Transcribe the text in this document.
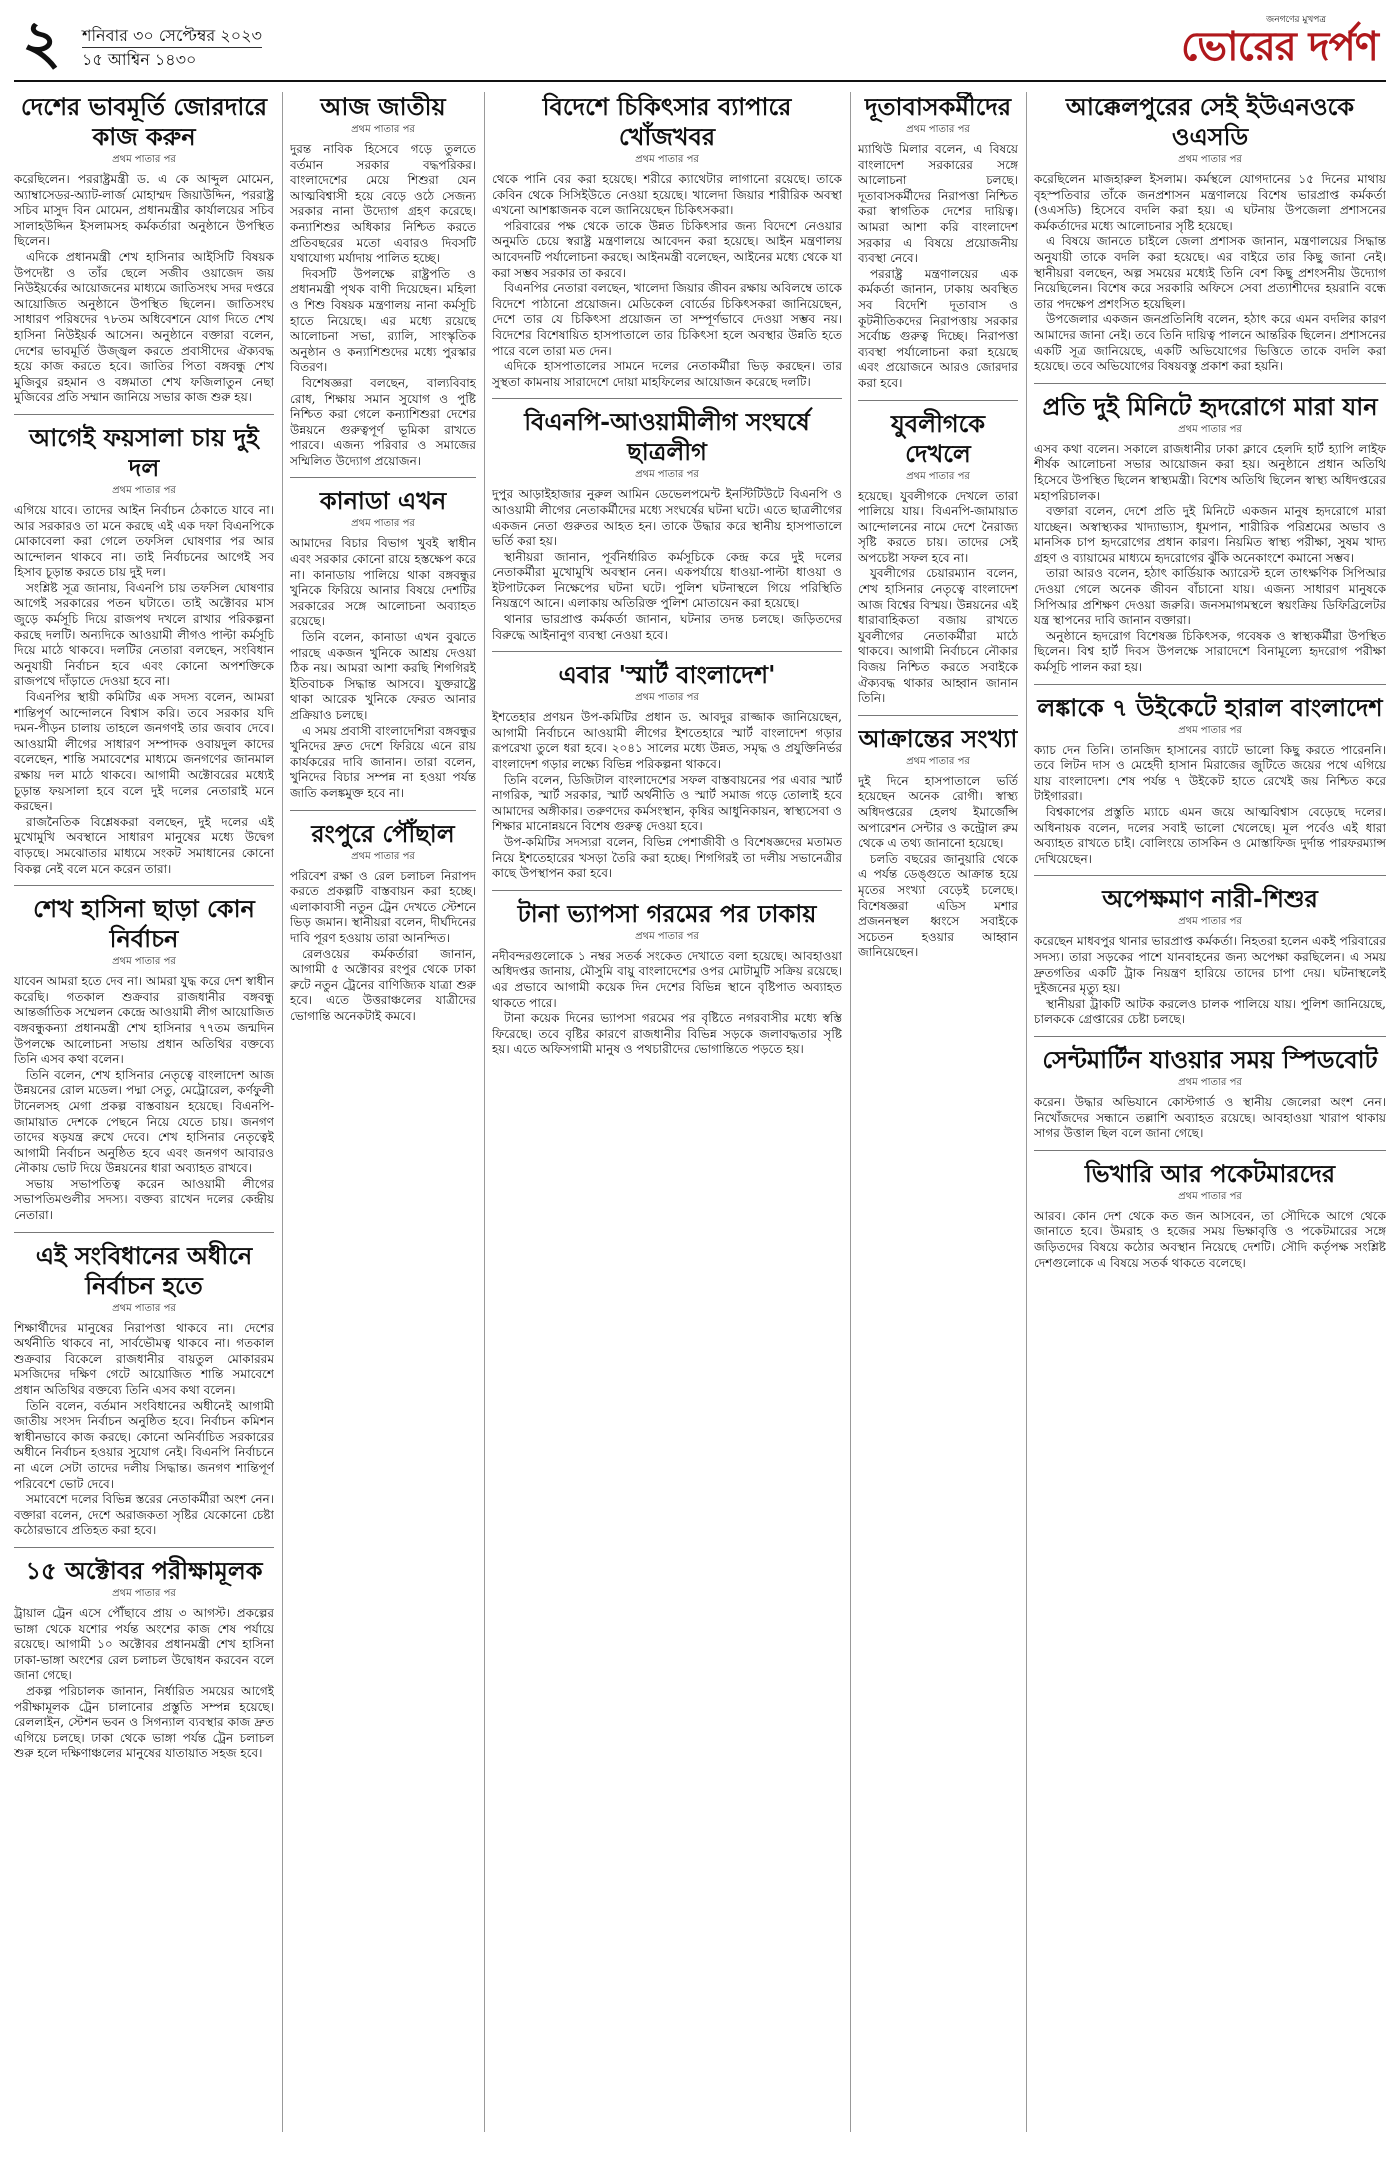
২ শনিবার ৩০ সেপ্টেম্বর ২০২৩
১৫ আশ্বিন ১৪৩০
জনগণের মুখপত্র
ভোরের দর্পণ
দেশের ভাবমূর্তি জোরদারে কাজ করুন
প্রথম পাতার পর

করেছিলেন। পররাষ্ট্রমন্ত্রী ড. এ কে আব্দুল মোমেন, অ্যাম্বাসেডর-অ্যাট-লার্জ মোহাম্মদ জিয়াউদ্দিন, পররাষ্ট্র সচিব মাসুদ বিন মোমেন, প্রধানমন্ত্রীর কার্যালয়ের সচিব সালাহউদ্দিন ইসলামসহ কর্মকর্তারা অনুষ্ঠানে উপস্থিত ছিলেন।

এদিকে প্রধানমন্ত্রী শেখ হাসিনার আইসিটি বিষয়ক উপদেষ্টা ও তাঁর ছেলে সজীব ওয়াজেদ জয় নিউইয়র্কের আয়োজনের মাধ্যমে জাতিসংঘ সদর দপ্তরে আয়োজিত অনুষ্ঠানে উপস্থিত ছিলেন। জাতিসংঘ সাধারণ পরিষদের ৭৮তম অধিবেশনে যোগ দিতে শেখ হাসিনা নিউইয়র্ক আসেন। অনুষ্ঠানে বক্তারা বলেন, দেশের ভাবমূর্তি উজ্জ্বল করতে প্রবাসীদের ঐক্যবদ্ধ হয়ে কাজ করতে হবে। জাতির পিতা বঙ্গবন্ধু শেখ মুজিবুর রহমান ও বঙ্গমাতা শেখ ফজিলাতুন নেছা মুজিবের প্রতি সম্মান জানিয়ে সভার কাজ শুরু হয়।

আগেই ফয়সালা চায় দুই দল
প্রথম পাতার পর

এগিয়ে যাবে। তাদের আইন নির্বাচন ঠেকাতে যাবে না। আর সরকারও তা মনে করছে এই এক দফা বিএনপিকে মোকাবেলা করা গেলে তফসিল ঘোষণার পর আর আন্দোলন থাকবে না। তাই নির্বাচনের আগেই সব হিসাব চূড়ান্ত করতে চায় দুই দল।

সংশ্লিষ্ট সূত্র জানায়, বিএনপি চায় তফসিল ঘোষণার আগেই সরকারের পতন ঘটাতে। তাই অক্টোবর মাস জুড়ে কর্মসূচি দিয়ে রাজপথ দখলে রাখার পরিকল্পনা করছে দলটি। অন্যদিকে আওয়ামী লীগও পাল্টা কর্মসূচি দিয়ে মাঠে থাকবে। দলটির নেতারা বলছেন, সংবিধান অনুযায়ী নির্বাচন হবে এবং কোনো অপশক্তিকে রাজপথে দাঁড়াতে দেওয়া হবে না।

বিএনপির স্থায়ী কমিটির এক সদস্য বলেন, আমরা শান্তিপূর্ণ আন্দোলনে বিশ্বাস করি। তবে সরকার যদি দমন-পীড়ন চালায় তাহলে জনগণই তার জবাব দেবে। আওয়ামী লীগের সাধারণ সম্পাদক ওবায়দুল কাদের বলেছেন, শান্তি সমাবেশের মাধ্যমে জনগণের জানমাল রক্ষায় দল মাঠে থাকবে। আগামী অক্টোবরের মধ্যেই চূড়ান্ত ফয়সালা হবে বলে দুই দলের নেতারাই মনে করছেন।

রাজনৈতিক বিশ্লেষকরা বলছেন, দুই দলের এই মুখোমুখি অবস্থানে সাধারণ মানুষের মধ্যে উদ্বেগ বাড়ছে। সমঝোতার মাধ্যমে সংকট সমাধানের কোনো বিকল্প নেই বলে মনে করেন তারা।

শেখ হাসিনা ছাড়া কোন নির্বাচন
প্রথম পাতার পর

যাবেন আমরা হতে দেব না। আমরা যুদ্ধ করে দেশ স্বাধীন করেছি। গতকাল শুক্রবার রাজধানীর বঙ্গবন্ধু আন্তর্জাতিক সম্মেলন কেন্দ্রে আওয়ামী লীগ আয়োজিত বঙ্গবন্ধুকন্যা প্রধানমন্ত্রী শেখ হাসিনার ৭৭তম জন্মদিন উপলক্ষে আলোচনা সভায় প্রধান অতিথির বক্তব্যে তিনি এসব কথা বলেন।

তিনি বলেন, শেখ হাসিনার নেতৃত্বে বাংলাদেশ আজ উন্নয়নের রোল মডেল। পদ্মা সেতু, মেট্রোরেল, কর্ণফুলী টানেলসহ মেগা প্রকল্প বাস্তবায়ন হয়েছে। বিএনপি-জামায়াত দেশকে পেছনে নিয়ে যেতে চায়। জনগণ তাদের ষড়যন্ত্র রুখে দেবে। শেখ হাসিনার নেতৃত্বেই আগামী নির্বাচন অনুষ্ঠিত হবে এবং জনগণ আবারও নৌকায় ভোট দিয়ে উন্নয়নের ধারা অব্যাহত রাখবে।

সভায় সভাপতিত্ব করেন আওয়ামী লীগের সভাপতিমণ্ডলীর সদস্য। বক্তব্য রাখেন দলের কেন্দ্রীয় নেতারা।

এই সংবিধানের অধীনে নির্বাচন হতে
প্রথম পাতার পর

শিক্ষার্থীদের মানুষের নিরাপত্তা থাকবে না। দেশের অর্থনীতি থাকবে না, সার্বভৌমত্ব থাকবে না। গতকাল শুক্রবার বিকেলে রাজধানীর বায়তুল মোকাররম মসজিদের দক্ষিণ গেটে আয়োজিত শান্তি সমাবেশে প্রধান অতিথির বক্তব্যে তিনি এসব কথা বলেন।

তিনি বলেন, বর্তমান সংবিধানের অধীনেই আগামী জাতীয় সংসদ নির্বাচন অনুষ্ঠিত হবে। নির্বাচন কমিশন স্বাধীনভাবে কাজ করছে। কোনো অনির্বাচিত সরকারের অধীনে নির্বাচন হওয়ার সুযোগ নেই। বিএনপি নির্বাচনে না এলে সেটা তাদের দলীয় সিদ্ধান্ত। জনগণ শান্তিপূর্ণ পরিবেশে ভোট দেবে।

সমাবেশে দলের বিভিন্ন স্তরের নেতাকর্মীরা অংশ নেন। বক্তারা বলেন, দেশে অরাজকতা সৃষ্টির যেকোনো চেষ্টা কঠোরভাবে প্রতিহত করা হবে।

১৫ অক্টোবর পরীক্ষামূলক
প্রথম পাতার পর

ট্রায়াল ট্রেন এসে পৌঁছাবে প্রায় ৩ আগস্ট। প্রকল্পের ভাঙ্গা থেকে যশোর পর্যন্ত অংশের কাজ শেষ পর্যায়ে রয়েছে। আগামী ১০ অক্টোবর প্রধানমন্ত্রী শেখ হাসিনা ঢাকা-ভাঙ্গা অংশের রেল চলাচল উদ্বোধন করবেন বলে জানা গেছে।

প্রকল্প পরিচালক জানান, নির্ধারিত সময়ের আগেই পরীক্ষামূলক ট্রেন চালানোর প্রস্তুতি সম্পন্ন হয়েছে। রেললাইন, স্টেশন ভবন ও সিগন্যাল ব্যবস্থার কাজ দ্রুত এগিয়ে চলছে। ঢাকা থেকে ভাঙ্গা পর্যন্ত ট্রেন চলাচল শুরু হলে দক্ষিণাঞ্চলের মানুষের যাতায়াত সহজ হবে।

আজ জাতীয়
প্রথম পাতার পর

দুরন্ত নাবিক হিসেবে গড়ে তুলতে বর্তমান সরকার বদ্ধপরিকর। বাংলাদেশের মেয়ে শিশুরা যেন আত্মবিশ্বাসী হয়ে বেড়ে ওঠে সেজন্য সরকার নানা উদ্যোগ গ্রহণ করেছে। কন্যাশিশুর অধিকার নিশ্চিত করতে প্রতিবছরের মতো এবারও দিবসটি যথাযোগ্য মর্যাদায় পালিত হচ্ছে।

দিবসটি উপলক্ষে রাষ্ট্রপতি ও প্রধানমন্ত্রী পৃথক বাণী দিয়েছেন। মহিলা ও শিশু বিষয়ক মন্ত্রণালয় নানা কর্মসূচি হাতে নিয়েছে। এর মধ্যে রয়েছে আলোচনা সভা, র‍্যালি, সাংস্কৃতিক অনুষ্ঠান ও কন্যাশিশুদের মধ্যে পুরস্কার বিতরণ।

বিশেষজ্ঞরা বলছেন, বাল্যবিবাহ রোধ, শিক্ষায় সমান সুযোগ ও পুষ্টি নিশ্চিত করা গেলে কন্যাশিশুরা দেশের উন্নয়নে গুরুত্বপূর্ণ ভূমিকা রাখতে পারবে। এজন্য পরিবার ও সমাজের সম্মিলিত উদ্যোগ প্রয়োজন।

কানাডা এখন
প্রথম পাতার পর

আমাদের বিচার বিভাগ খুবই স্বাধীন এবং সরকার কোনো রায়ে হস্তক্ষেপ করে না। কানাডায় পালিয়ে থাকা বঙ্গবন্ধুর খুনিকে ফিরিয়ে আনার বিষয়ে দেশটির সরকারের সঙ্গে আলোচনা অব্যাহত রয়েছে।

তিনি বলেন, কানাডা এখন বুঝতে পারছে একজন খুনিকে আশ্রয় দেওয়া ঠিক নয়। আমরা আশা করছি শিগগিরই ইতিবাচক সিদ্ধান্ত আসবে। যুক্তরাষ্ট্রে থাকা আরেক খুনিকে ফেরত আনার প্রক্রিয়াও চলছে।

এ সময় প্রবাসী বাংলাদেশিরা বঙ্গবন্ধুর খুনিদের দ্রুত দেশে ফিরিয়ে এনে রায় কার্যকরের দাবি জানান। তারা বলেন, খুনিদের বিচার সম্পন্ন না হওয়া পর্যন্ত জাতি কলঙ্কমুক্ত হবে না।

রংপুরে পৌঁছাল
প্রথম পাতার পর

পরিবেশ রক্ষা ও রেল চলাচল নিরাপদ করতে প্রকল্পটি বাস্তবায়ন করা হচ্ছে। এলাকাবাসী নতুন ট্রেন দেখতে স্টেশনে ভিড় জমান। স্থানীয়রা বলেন, দীর্ঘদিনের দাবি পূরণ হওয়ায় তারা আনন্দিত।

রেলওয়ের কর্মকর্তারা জানান, আগামী ৫ অক্টোবর রংপুর থেকে ঢাকা রুটে নতুন ট্রেনের বাণিজ্যিক যাত্রা শুরু হবে। এতে উত্তরাঞ্চলের যাত্রীদের ভোগান্তি অনেকটাই কমবে।

বিদেশে চিকিৎসার ব্যাপারে খোঁজখবর
প্রথম পাতার পর

থেকে পানি বের করা হয়েছে। শরীরে ক্যাথেটার লাগানো রয়েছে। তাকে কেবিন থেকে সিসিইউতে নেওয়া হয়েছে। খালেদা জিয়ার শারীরিক অবস্থা এখনো আশঙ্কাজনক বলে জানিয়েছেন চিকিৎসকরা।

পরিবারের পক্ষ থেকে তাকে উন্নত চিকিৎসার জন্য বিদেশে নেওয়ার অনুমতি চেয়ে স্বরাষ্ট্র মন্ত্রণালয়ে আবেদন করা হয়েছে। আইন মন্ত্রণালয় আবেদনটি পর্যালোচনা করছে। আইনমন্ত্রী বলেছেন, আইনের মধ্যে থেকে যা করা সম্ভব সরকার তা করবে।

বিএনপির নেতারা বলছেন, খালেদা জিয়ার জীবন রক্ষায় অবিলম্বে তাকে বিদেশে পাঠানো প্রয়োজন। মেডিকেল বোর্ডের চিকিৎসকরা জানিয়েছেন, দেশে তার যে চিকিৎসা প্রয়োজন তা সম্পূর্ণভাবে দেওয়া সম্ভব নয়। বিদেশের বিশেষায়িত হাসপাতালে তার চিকিৎসা হলে অবস্থার উন্নতি হতে পারে বলে তারা মত দেন।

এদিকে হাসপাতালের সামনে দলের নেতাকর্মীরা ভিড় করছেন। তার সুস্থতা কামনায় সারাদেশে দোয়া মাহফিলের আয়োজন করেছে দলটি।

বিএনপি-আওয়ামীলীগ সংঘর্ষে ছাত্রলীগ
প্রথম পাতার পর

দুপুর আড়াইহাজার নুরুল আমিন ডেভেলপমেন্ট ইনস্টিটিউটে বিএনপি ও আওয়ামী লীগের নেতাকর্মীদের মধ্যে সংঘর্ষের ঘটনা ঘটে। এতে ছাত্রলীগের একজন নেতা গুরুতর আহত হন। তাকে উদ্ধার করে স্থানীয় হাসপাতালে ভর্তি করা হয়।

স্থানীয়রা জানান, পূর্বনির্ধারিত কর্মসূচিকে কেন্দ্র করে দুই দলের নেতাকর্মীরা মুখোমুখি অবস্থান নেন। একপর্যায়ে ধাওয়া-পাল্টা ধাওয়া ও ইটপাটকেল নিক্ষেপের ঘটনা ঘটে। পুলিশ ঘটনাস্থলে গিয়ে পরিস্থিতি নিয়ন্ত্রণে আনে। এলাকায় অতিরিক্ত পুলিশ মোতায়েন করা হয়েছে।

থানার ভারপ্রাপ্ত কর্মকর্তা জানান, ঘটনার তদন্ত চলছে। জড়িতদের বিরুদ্ধে আইনানুগ ব্যবস্থা নেওয়া হবে।

এবার 'স্মার্ট বাংলাদেশ'
প্রথম পাতার পর

ইশতেহার প্রণয়ন উপ-কমিটির প্রধান ড. আবদুর রাজ্জাক জানিয়েছেন, আগামী নির্বাচনে আওয়ামী লীগের ইশতেহারে স্মার্ট বাংলাদেশ গড়ার রূপরেখা তুলে ধরা হবে। ২০৪১ সালের মধ্যে উন্নত, সমৃদ্ধ ও প্রযুক্তিনির্ভর বাংলাদেশ গড়ার লক্ষ্যে বিভিন্ন পরিকল্পনা থাকবে।

তিনি বলেন, ডিজিটাল বাংলাদেশের সফল বাস্তবায়নের পর এবার স্মার্ট নাগরিক, স্মার্ট সরকার, স্মার্ট অর্থনীতি ও স্মার্ট সমাজ গড়ে তোলাই হবে আমাদের অঙ্গীকার। তরুণদের কর্মসংস্থান, কৃষির আধুনিকায়ন, স্বাস্থ্যসেবা ও শিক্ষার মানোন্নয়নে বিশেষ গুরুত্ব দেওয়া হবে।

উপ-কমিটির সদস্যরা বলেন, বিভিন্ন পেশাজীবী ও বিশেষজ্ঞদের মতামত নিয়ে ইশতেহারের খসড়া তৈরি করা হচ্ছে। শিগগিরই তা দলীয় সভানেত্রীর কাছে উপস্থাপন করা হবে।

টানা ভ্যাপসা গরমের পর ঢাকায়
প্রথম পাতার পর

নদীবন্দরগুলোকে ১ নম্বর সতর্ক সংকেত দেখাতে বলা হয়েছে। আবহাওয়া অধিদপ্তর জানায়, মৌসুমি বায়ু বাংলাদেশের ওপর মোটামুটি সক্রিয় রয়েছে। এর প্রভাবে আগামী কয়েক দিন দেশের বিভিন্ন স্থানে বৃষ্টিপাত অব্যাহত থাকতে পারে।

টানা কয়েক দিনের ভ্যাপসা গরমের পর বৃষ্টিতে নগরবাসীর মধ্যে স্বস্তি ফিরেছে। তবে বৃষ্টির কারণে রাজধানীর বিভিন্ন সড়কে জলাবদ্ধতার সৃষ্টি হয়। এতে অফিসগামী মানুষ ও পথচারীদের ভোগান্তিতে পড়তে হয়।

দূতাবাসকর্মীদের
প্রথম পাতার পর

ম্যাথিউ মিলার বলেন, এ বিষয়ে বাংলাদেশ সরকারের সঙ্গে আলোচনা চলছে। দূতাবাসকর্মীদের নিরাপত্তা নিশ্চিত করা স্বাগতিক দেশের দায়িত্ব। আমরা আশা করি বাংলাদেশ সরকার এ বিষয়ে প্রয়োজনীয় ব্যবস্থা নেবে।

পররাষ্ট্র মন্ত্রণালয়ের এক কর্মকর্তা জানান, ঢাকায় অবস্থিত সব বিদেশি দূতাবাস ও কূটনীতিকদের নিরাপত্তায় সরকার সর্বোচ্চ গুরুত্ব দিচ্ছে। নিরাপত্তা ব্যবস্থা পর্যালোচনা করা হয়েছে এবং প্রয়োজনে আরও জোরদার করা হবে।

যুবলীগকে দেখলে
প্রথম পাতার পর

হয়েছে। যুবলীগকে দেখলে তারা পালিয়ে যায়। বিএনপি-জামায়াত আন্দোলনের নামে দেশে নৈরাজ্য সৃষ্টি করতে চায়। তাদের সেই অপচেষ্টা সফল হবে না।

যুবলীগের চেয়ারম্যান বলেন, শেখ হাসিনার নেতৃত্বে বাংলাদেশ আজ বিশ্বের বিস্ময়। উন্নয়নের এই ধারাবাহিকতা বজায় রাখতে যুবলীগের নেতাকর্মীরা মাঠে থাকবে। আগামী নির্বাচনে নৌকার বিজয় নিশ্চিত করতে সবাইকে ঐক্যবদ্ধ থাকার আহ্বান জানান তিনি।

আক্রান্তের সংখ্যা
প্রথম পাতার পর

দুই দিনে হাসপাতালে ভর্তি হয়েছেন অনেক রোগী। স্বাস্থ্য অধিদপ্তরের হেলথ ইমার্জেন্সি অপারেশন সেন্টার ও কন্ট্রোল রুম থেকে এ তথ্য জানানো হয়েছে।

চলতি বছরের জানুয়ারি থেকে এ পর্যন্ত ডেঙ্গুতে আক্রান্ত হয়ে মৃতের সংখ্যা বেড়েই চলেছে। বিশেষজ্ঞরা এডিস মশার প্রজননস্থল ধ্বংসে সবাইকে সচেতন হওয়ার আহ্বান জানিয়েছেন।

আক্কেলপুরের সেই ইউএনওকে ওএসডি
প্রথম পাতার পর

করেছিলেন মাজহারুল ইসলাম। কর্মস্থলে যোগদানের ১৫ দিনের মাথায় বৃহস্পতিবার তাঁকে জনপ্রশাসন মন্ত্রণালয়ে বিশেষ ভারপ্রাপ্ত কর্মকর্তা (ওএসডি) হিসেবে বদলি করা হয়। এ ঘটনায় উপজেলা প্রশাসনের কর্মকর্তাদের মধ্যে আলোচনার সৃষ্টি হয়েছে।

এ বিষয়ে জানতে চাইলে জেলা প্রশাসক জানান, মন্ত্রণালয়ের সিদ্ধান্ত অনুযায়ী তাকে বদলি করা হয়েছে। এর বাইরে তার কিছু জানা নেই। স্থানীয়রা বলছেন, অল্প সময়ের মধ্যেই তিনি বেশ কিছু প্রশংসনীয় উদ্যোগ নিয়েছিলেন। বিশেষ করে সরকারি অফিসে সেবা প্রত্যাশীদের হয়রানি বন্ধে তার পদক্ষেপ প্রশংসিত হয়েছিল।

উপজেলার একজন জনপ্রতিনিধি বলেন, হঠাৎ করে এমন বদলির কারণ আমাদের জানা নেই। তবে তিনি দায়িত্ব পালনে আন্তরিক ছিলেন। প্রশাসনের একটি সূত্র জানিয়েছে, একটি অভিযোগের ভিত্তিতে তাকে বদলি করা হয়েছে। তবে অভিযোগের বিষয়বস্তু প্রকাশ করা হয়নি।

প্রতি দুই মিনিটে হৃদরোগে মারা যান
প্রথম পাতার পর

এসব কথা বলেন। সকালে রাজধানীর ঢাকা ক্লাবে হেলদি হার্ট হ্যাপি লাইফ শীর্ষক আলোচনা সভার আয়োজন করা হয়। অনুষ্ঠানে প্রধান অতিথি হিসেবে উপস্থিত ছিলেন স্বাস্থ্যমন্ত্রী। বিশেষ অতিথি ছিলেন স্বাস্থ্য অধিদপ্তরের মহাপরিচালক।

বক্তারা বলেন, দেশে প্রতি দুই মিনিটে একজন মানুষ হৃদরোগে মারা যাচ্ছেন। অস্বাস্থ্যকর খাদ্যাভ্যাস, ধূমপান, শারীরিক পরিশ্রমের অভাব ও মানসিক চাপ হৃদরোগের প্রধান কারণ। নিয়মিত স্বাস্থ্য পরীক্ষা, সুষম খাদ্য গ্রহণ ও ব্যায়ামের মাধ্যমে হৃদরোগের ঝুঁকি অনেকাংশে কমানো সম্ভব।

তারা আরও বলেন, হঠাৎ কার্ডিয়াক অ্যারেস্ট হলে তাৎক্ষণিক সিপিআর দেওয়া গেলে অনেক জীবন বাঁচানো যায়। এজন্য সাধারণ মানুষকে সিপিআর প্রশিক্ষণ দেওয়া জরুরি। জনসমাগমস্থলে স্বয়ংক্রিয় ডিফিব্রিলেটর যন্ত্র স্থাপনের দাবি জানান বক্তারা।

অনুষ্ঠানে হৃদরোগ বিশেষজ্ঞ চিকিৎসক, গবেষক ও স্বাস্থ্যকর্মীরা উপস্থিত ছিলেন। বিশ্ব হার্ট দিবস উপলক্ষে সারাদেশে বিনামূল্যে হৃদরোগ পরীক্ষা কর্মসূচি পালন করা হয়।

লঙ্কাকে ৭ উইকেটে হারাল বাংলাদেশ
প্রথম পাতার পর

ক্যাচ দেন তিনি। তানজিদ হাসানের ব্যাটে ভালো কিছু করতে পারেননি। তবে লিটন দাস ও মেহেদী হাসান মিরাজের জুটিতে জয়ের পথে এগিয়ে যায় বাংলাদেশ। শেষ পর্যন্ত ৭ উইকেট হাতে রেখেই জয় নিশ্চিত করে টাইগাররা।

বিশ্বকাপের প্রস্তুতি ম্যাচে এমন জয়ে আত্মবিশ্বাস বেড়েছে দলের। অধিনায়ক বলেন, দলের সবাই ভালো খেলেছে। মূল পর্বেও এই ধারা অব্যাহত রাখতে চাই। বোলিংয়ে তাসকিন ও মোস্তাফিজ দুর্দান্ত পারফরম্যান্স দেখিয়েছেন।

অপেক্ষমাণ নারী-শিশুর
প্রথম পাতার পর

করেছেন মাধবপুর থানার ভারপ্রাপ্ত কর্মকর্তা। নিহতরা হলেন একই পরিবারের সদস্য। তারা সড়কের পাশে যানবাহনের জন্য অপেক্ষা করছিলেন। এ সময় দ্রুতগতির একটি ট্রাক নিয়ন্ত্রণ হারিয়ে তাদের চাপা দেয়। ঘটনাস্থলেই দুইজনের মৃত্যু হয়।

স্থানীয়রা ট্রাকটি আটক করলেও চালক পালিয়ে যায়। পুলিশ জানিয়েছে, চালককে গ্রেপ্তারের চেষ্টা চলছে।

সেন্টমার্টিন যাওয়ার সময় স্পিডবোট
প্রথম পাতার পর

করেন। উদ্ধার অভিযানে কোস্টগার্ড ও স্থানীয় জেলেরা অংশ নেন। নিখোঁজদের সন্ধানে তল্লাশি অব্যাহত রয়েছে। আবহাওয়া খারাপ থাকায় সাগর উত্তাল ছিল বলে জানা গেছে।

ভিখারি আর পকেটমারদের
প্রথম পাতার পর

আরব। কোন দেশ থেকে কত জন আসবেন, তা সৌদিকে আগে থেকে জানাতে হবে। উমরাহ ও হজের সময় ভিক্ষাবৃত্তি ও পকেটমারের সঙ্গে জড়িতদের বিষয়ে কঠোর অবস্থান নিয়েছে দেশটি। সৌদি কর্তৃপক্ষ সংশ্লিষ্ট দেশগুলোকে এ বিষয়ে সতর্ক থাকতে বলেছে।
